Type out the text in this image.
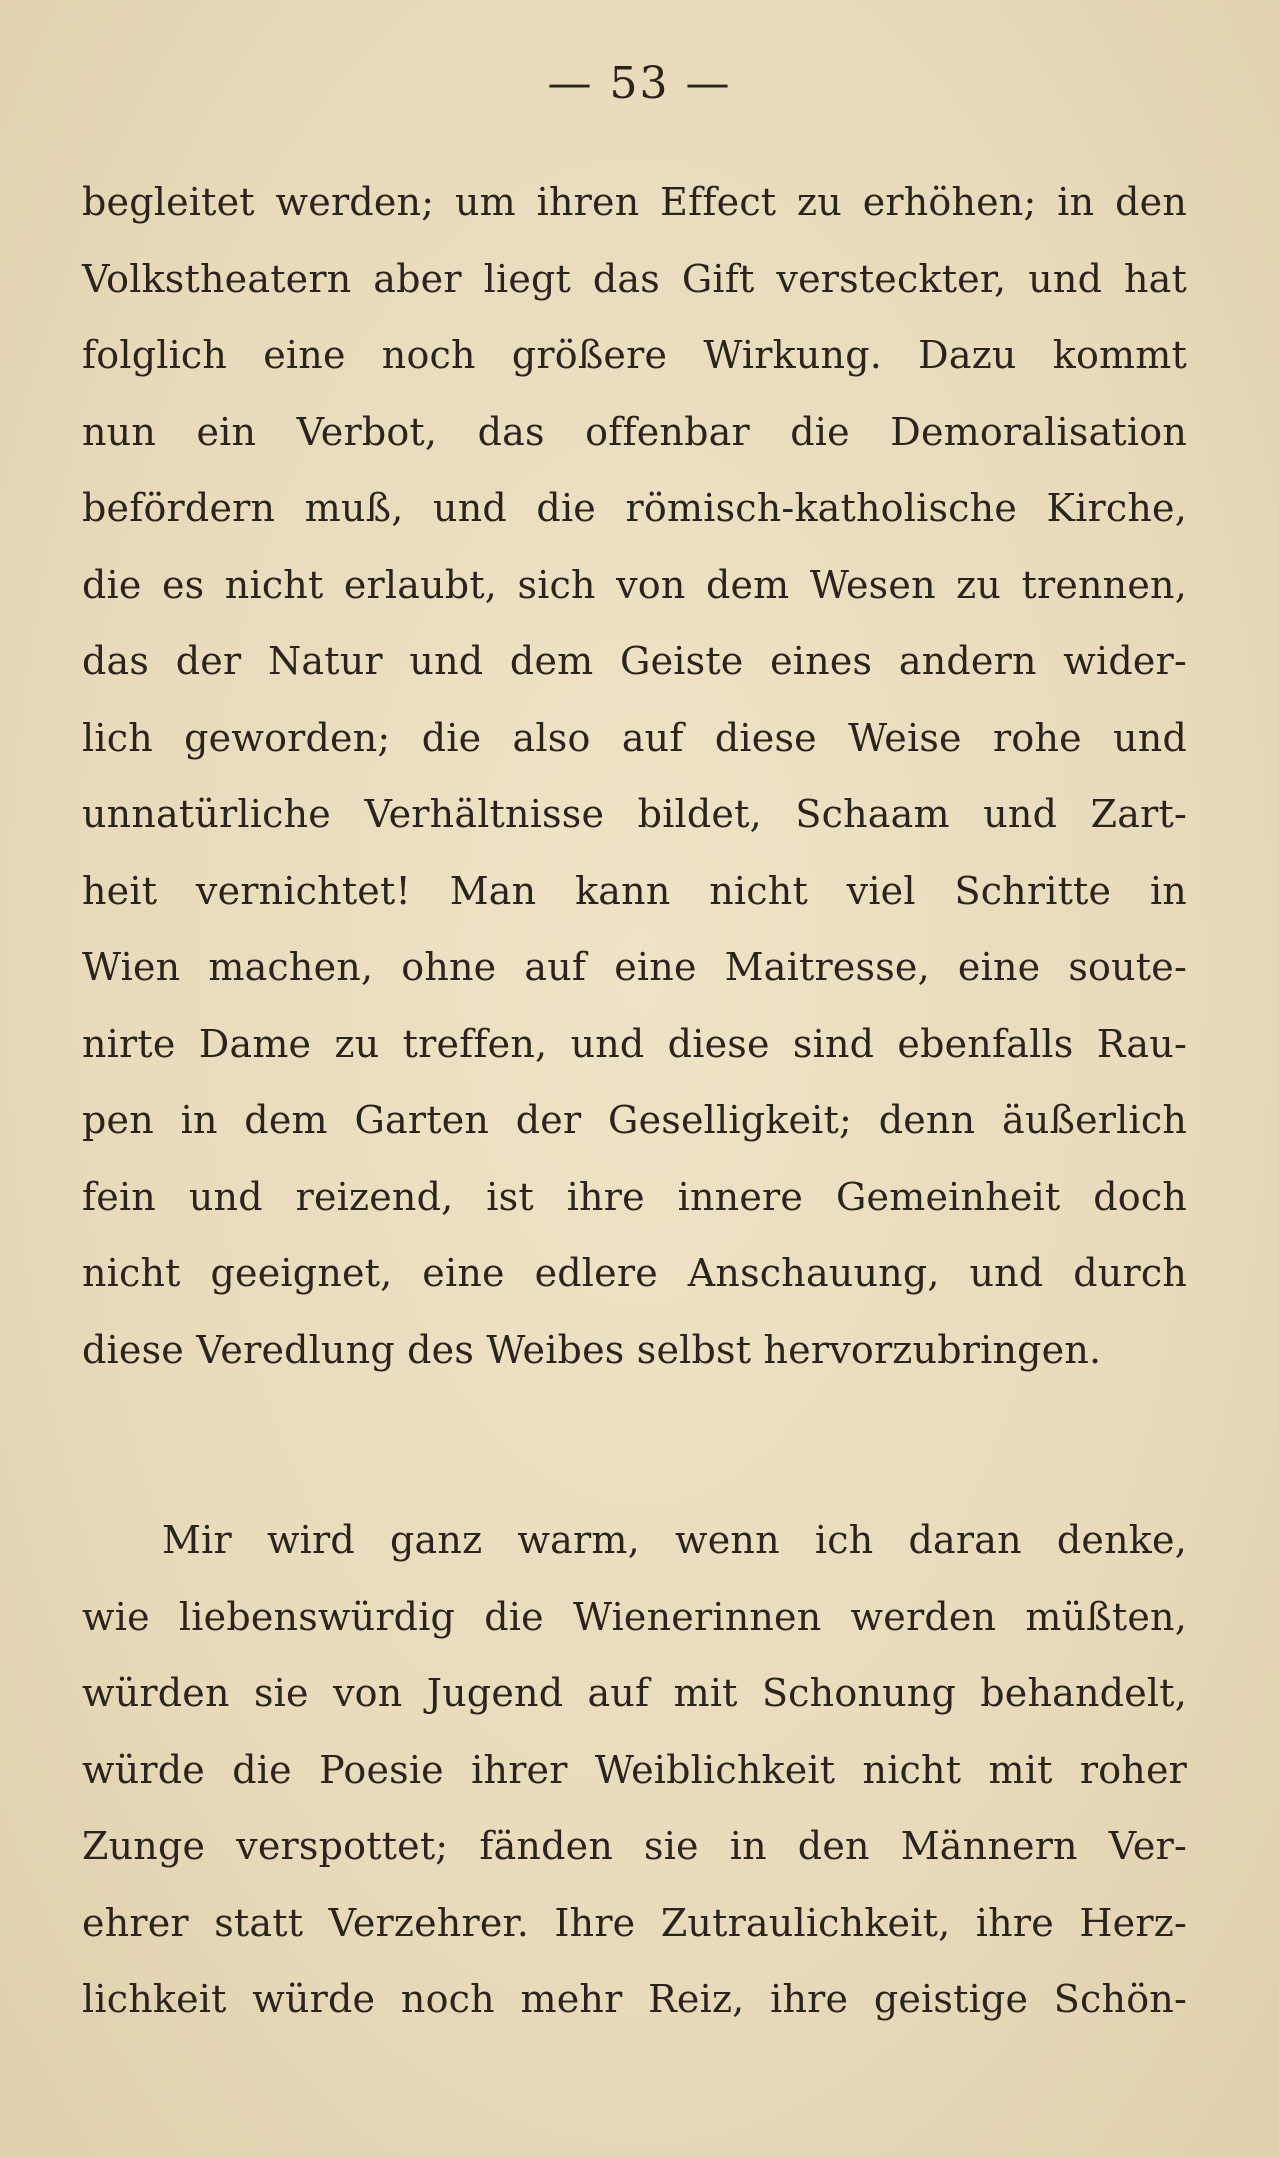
— 53 —
begleitet werden; um ihren Effect zu erhöhen; in den
Volkstheatern aber liegt das Gift versteckter, und hat
folglich eine noch größere Wirkung. Dazu kommt
nun ein Verbot, das offenbar die Demoralisation
befördern muß, und die römisch-katholische Kirche,
die es nicht erlaubt, sich von dem Wesen zu trennen,
das der Natur und dem Geiste eines andern wider-
lich geworden; die also auf diese Weise rohe und
unnatürliche Verhältnisse bildet, Schaam und Zart-
heit vernichtet! Man kann nicht viel Schritte in
Wien machen, ohne auf eine Maitresse, eine soute-
nirte Dame zu treffen, und diese sind ebenfalls Rau-
pen in dem Garten der Geselligkeit; denn äußerlich
fein und reizend, ist ihre innere Gemeinheit doch
nicht geeignet, eine edlere Anschauung, und durch
diese Veredlung des Weibes selbst hervorzubringen.
Mir wird ganz warm, wenn ich daran denke,
wie liebenswürdig die Wienerinnen werden müßten,
würden sie von Jugend auf mit Schonung behandelt,
würde die Poesie ihrer Weiblichkeit nicht mit roher
Zunge verspottet; fänden sie in den Männern Ver-
ehrer statt Verzehrer. Ihre Zutraulichkeit, ihre Herz-
lichkeit würde noch mehr Reiz, ihre geistige Schön-
